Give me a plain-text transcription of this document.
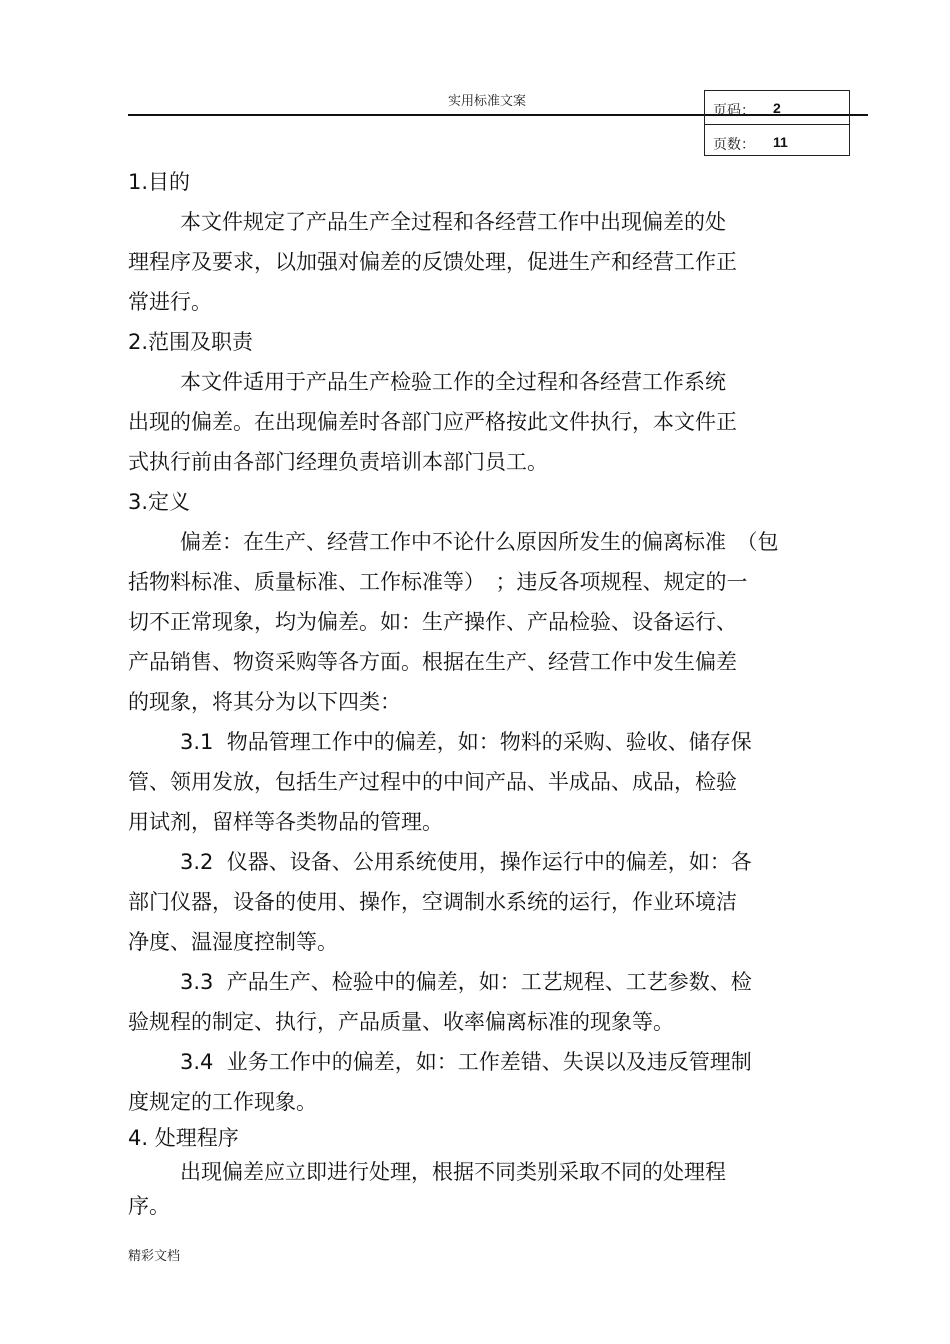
实用标准文案
页码： 2
页数： 11
1.目的
本文件规定了产品生产全过程和各经营工作中出现偏差的处
理程序及要求，以加强对偏差的反馈处理，促进生产和经营工作正
常进行。
2.范围及职责
本文件适用于产品生产检验工作的全过程和各经营工作系统
出现的偏差。在出现偏差时各部门应严格按此文件执行，本文件正
式执行前由各部门经理负责培训本部门员工。
3.定义
偏差：在生产、经营工作中不论什么原因所发生的偏离标准　（包
括物料标准、质量标准、工作标准等）　；违反各项规程、规定的一
切不正常现象，均为偏差。如：生产操作、产品检验、设备运行、
产品销售、物资采购等各方面。根据在生产、经营工作中发生偏差
的现象，将其分为以下四类：
3.1  物品管理工作中的偏差，如：物料的采购、验收、储存保
管、领用发放，包括生产过程中的中间产品、半成品、成品，检验
用试剂，留样等各类物品的管理。
3.2  仪器、设备、公用系统使用，操作运行中的偏差，如：各
部门仪器，设备的使用、操作，空调制水系统的运行，作业环境洁
净度、温湿度控制等。
3.3  产品生产、检验中的偏差，如：工艺规程、工艺参数、检
验规程的制定、执行，产品质量、收率偏离标准的现象等。
3.4  业务工作中的偏差，如：工作差错、失误以及违反管理制
度规定的工作现象。
4. 处理程序
出现偏差应立即进行处理，根据不同类别采取不同的处理程
序。
精彩文档
